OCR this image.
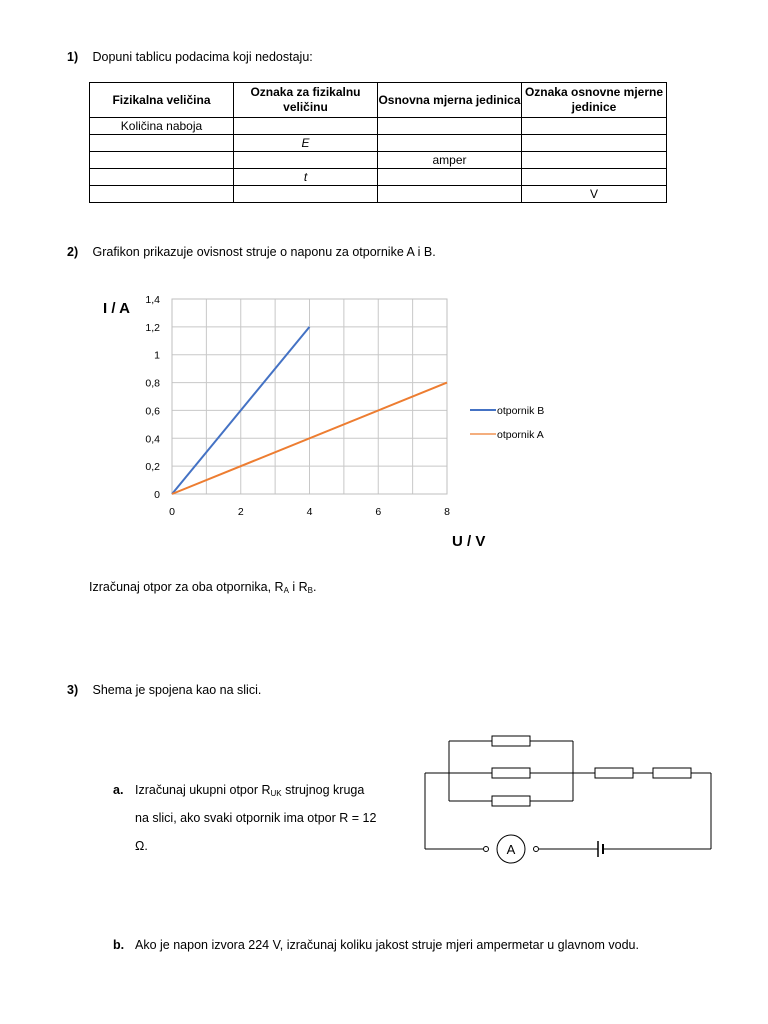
1) Dopuni tablicu podacima koji nedostaju:
Fizikalna veličina	Oznaka za fizikalnu veličinu	Osnovna mjerna jedinica	Oznaka osnovne mjerne jedinice
Količina naboja			
	E		
		amper	
	t		
			V
2) Grafikon prikazuje ovisnost struje o naponu za otpornike A i B.
0
0,2
0,4
0,6
0,8
1
1,2
1,4
0	2	4	6	8
I / A
U / V
otpornik B
otpornik A
Izračunaj otpor za oba otpornika, $R_A$ i $R_B$.
3) Shema je spojena kao na slici.
a. Izračunaj ukupni otpor $R_{UK}$ strujnog kruga
na slici, ako svaki otpornik ima otpor R = 12
Ω.	A
b. Ako je napon izvora 224 V, izračunaj koliku jakost struje mjeri ampermetar u glavnom vodu.
